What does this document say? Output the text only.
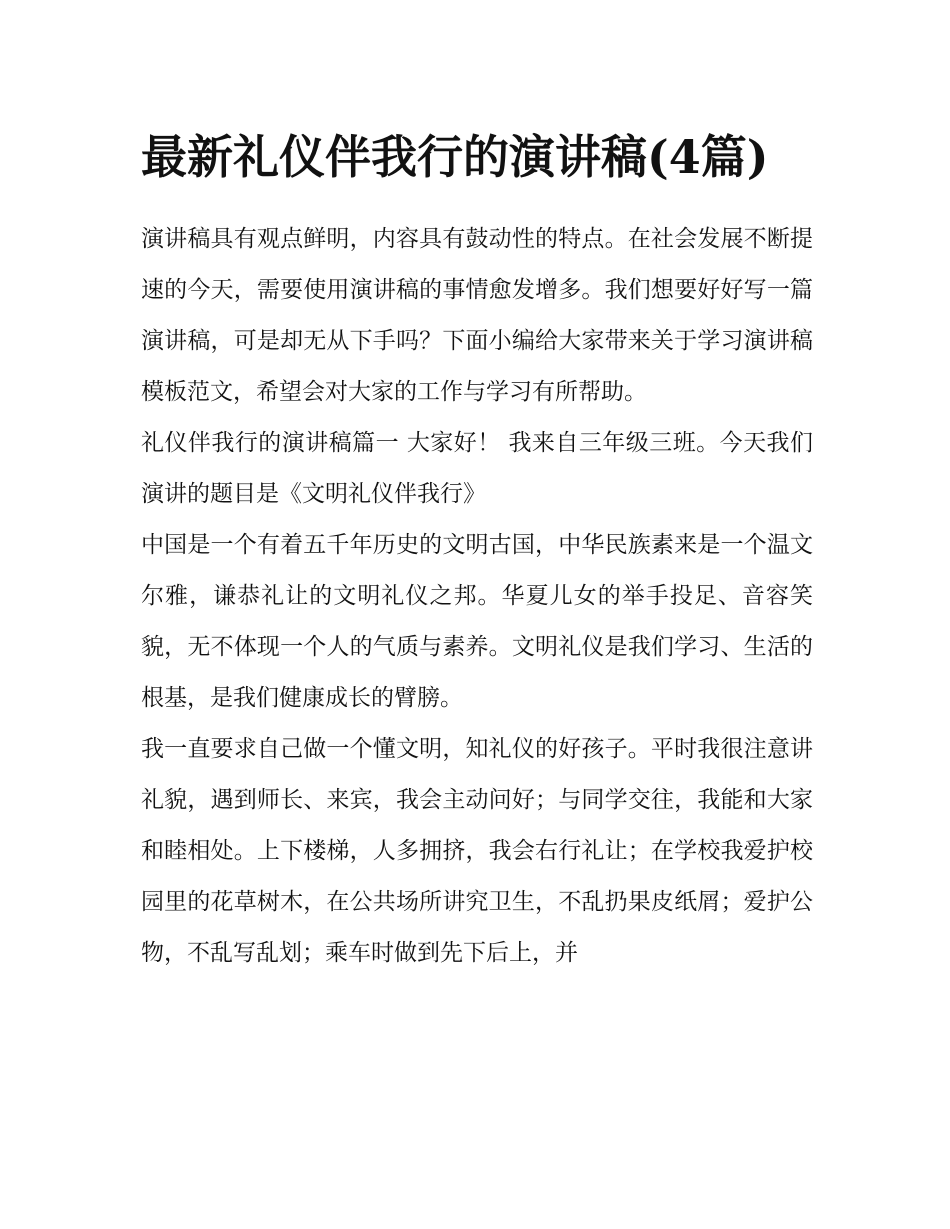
最新礼仪伴我行的演讲稿(4篇)

演讲稿具有观点鲜明，内容具有鼓动性的特点。在社会发展不断提速的今天，需要使用演讲稿的事情愈发增多。我们想要好好写一篇演讲稿，可是却无从下手吗？下面小编给大家带来关于学习演讲稿模板范文，希望会对大家的工作与学习有所帮助。

礼仪伴我行的演讲稿篇一 大家好！ 我来自三年级三班。今天我们演讲的题目是《文明礼仪伴我行》

中国是一个有着五千年历史的文明古国，中华民族素来是一个温文尔雅，谦恭礼让的文明礼仪之邦。华夏儿女的举手投足、音容笑貌，无不体现一个人的气质与素养。文明礼仪是我们学习、生活的根基，是我们健康成长的臂膀。

我一直要求自己做一个懂文明，知礼仪的好孩子。平时我很注意讲礼貌，遇到师长、来宾，我会主动问好；与同学交往，我能和大家和睦相处。上下楼梯，人多拥挤，我会右行礼让；在学校我爱护校园里的花草树木，在公共场所讲究卫生，不乱扔果皮纸屑；爱护公物，不乱写乱划；乘车时做到先下后上，并
